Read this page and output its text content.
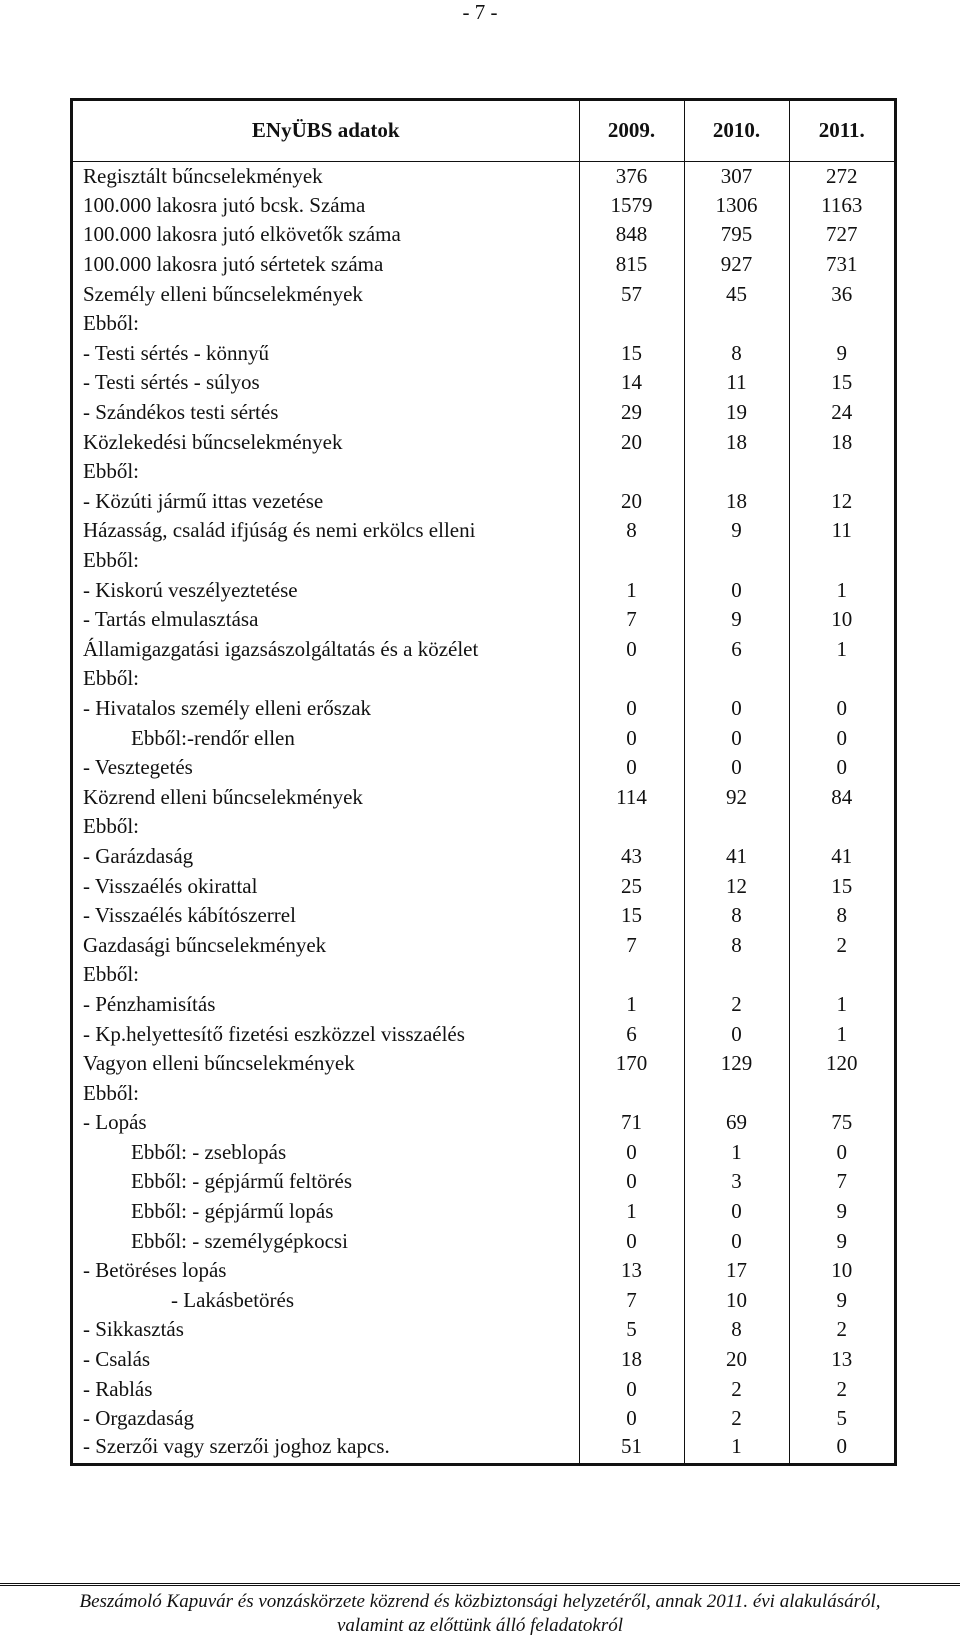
- 7 -
ENyÜBS adatok	2009.	2010.	2011.
Regisztált bűncselekmények	376	307	272
100.000 lakosra jutó bcsk. Száma	1579	1306	1163
100.000 lakosra jutó elkövetők száma	848	795	727
100.000 lakosra jutó sértetek száma	815	927	731
Személy elleni bűncselekmények	57	45	36
Ebből:			
- Testi sértés - könnyű	15	8	9
- Testi sértés - súlyos	14	11	15
- Szándékos testi sértés	29	19	24
Közlekedési bűncselekmények	20	18	18
Ebből:			
- Közúti jármű ittas vezetése	20	18	12
Házasság, család ifjúság és nemi erkölcs elleni	8	9	11
Ebből:			
- Kiskorú veszélyeztetése	1	0	1
- Tartás elmulasztása	7	9	10
Államigazgatási igazsászolgáltatás és a közélet	0	6	1
Ebből:			
- Hivatalos személy elleni erőszak	0	0	0
Ebből:-rendőr ellen	0	0	0
- Vesztegetés	0	0	0
Közrend elleni bűncselekmények	114	92	84
Ebből:			
- Garázdaság	43	41	41
- Visszaélés okirattal	25	12	15
- Visszaélés kábítószerrel	15	8	8
Gazdasági bűncselekmények	7	8	2
Ebből:			
- Pénzhamisítás	1	2	1
- Kp.helyettesítő fizetési eszközzel visszaélés	6	0	1
Vagyon elleni bűncselekmények	170	129	120
Ebből:			
- Lopás	71	69	75
Ebből: - zseblopás	0	1	0
Ebből: - gépjármű feltörés	0	3	7
Ebből: - gépjármű lopás	1	0	9
Ebből: - személygépkocsi	0	0	9
- Betöréses lopás	13	17	10
- Lakásbetörés	7	10	9
- Sikkasztás	5	8	2
- Csalás	18	20	13
- Rablás	0	2	2
- Orgazdaság	0	2	5
- Szerzői vagy szerzői joghoz kapcs.	51	1	0
Beszámoló Kapuvár és vonzáskörzete közrend és közbiztonsági helyzetéről, annak 2011. évi alakulásáról,
valamint az előttünk álló feladatokról
